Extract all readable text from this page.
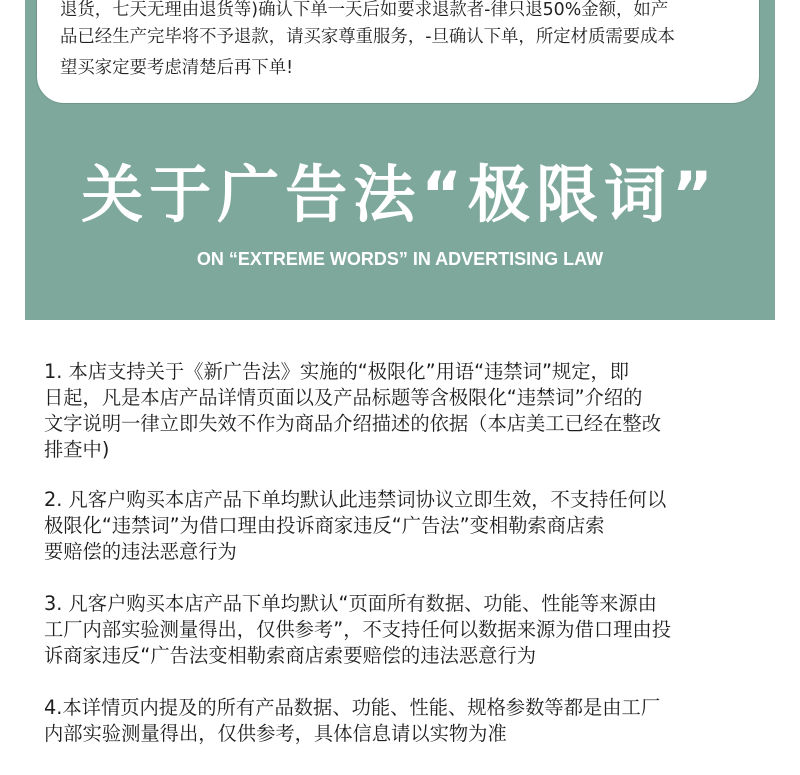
退货，七天无理由退货等)确认下单一天后如要求退款者-律只退50%金额，如产
品已经生产完毕将不予退款，请买家尊重服务，-旦确认下单，所定材质需要成本
望买家定要考虑清楚后再下单!
关于广告法“极限词”
ON “EXTREME WORDS” IN ADVERTISING LAW
1. 本店支持关于《新广告法》实施的“极限化”用语“违禁词”规定，即
日起，凡是本店产品详情页面以及产品标题等含极限化“违禁词”介绍的
文字说明一律立即失效不作为商品介绍描述的依据（本店美工已经在整改
排查中)
2. 凡客户购买本店产品下单均默认此违禁词协议立即生效，不支持任何以
极限化“违禁词”为借口理由投诉商家违反“广告法”变相勒索商店索
要赔偿的违法恶意行为
3. 凡客户购买本店产品下单均默认“页面所有数据、功能、性能等来源由
工厂内部实验测量得出，仅供参考”，不支持任何以数据来源为借口理由投
诉商家违反“广告法变相勒索商店索要赔偿的违法恶意行为
4.本详情页内提及的所有产品数据、功能、性能、规格参数等都是由工厂
内部实验测量得出，仅供参考，具体信息请以实物为准
